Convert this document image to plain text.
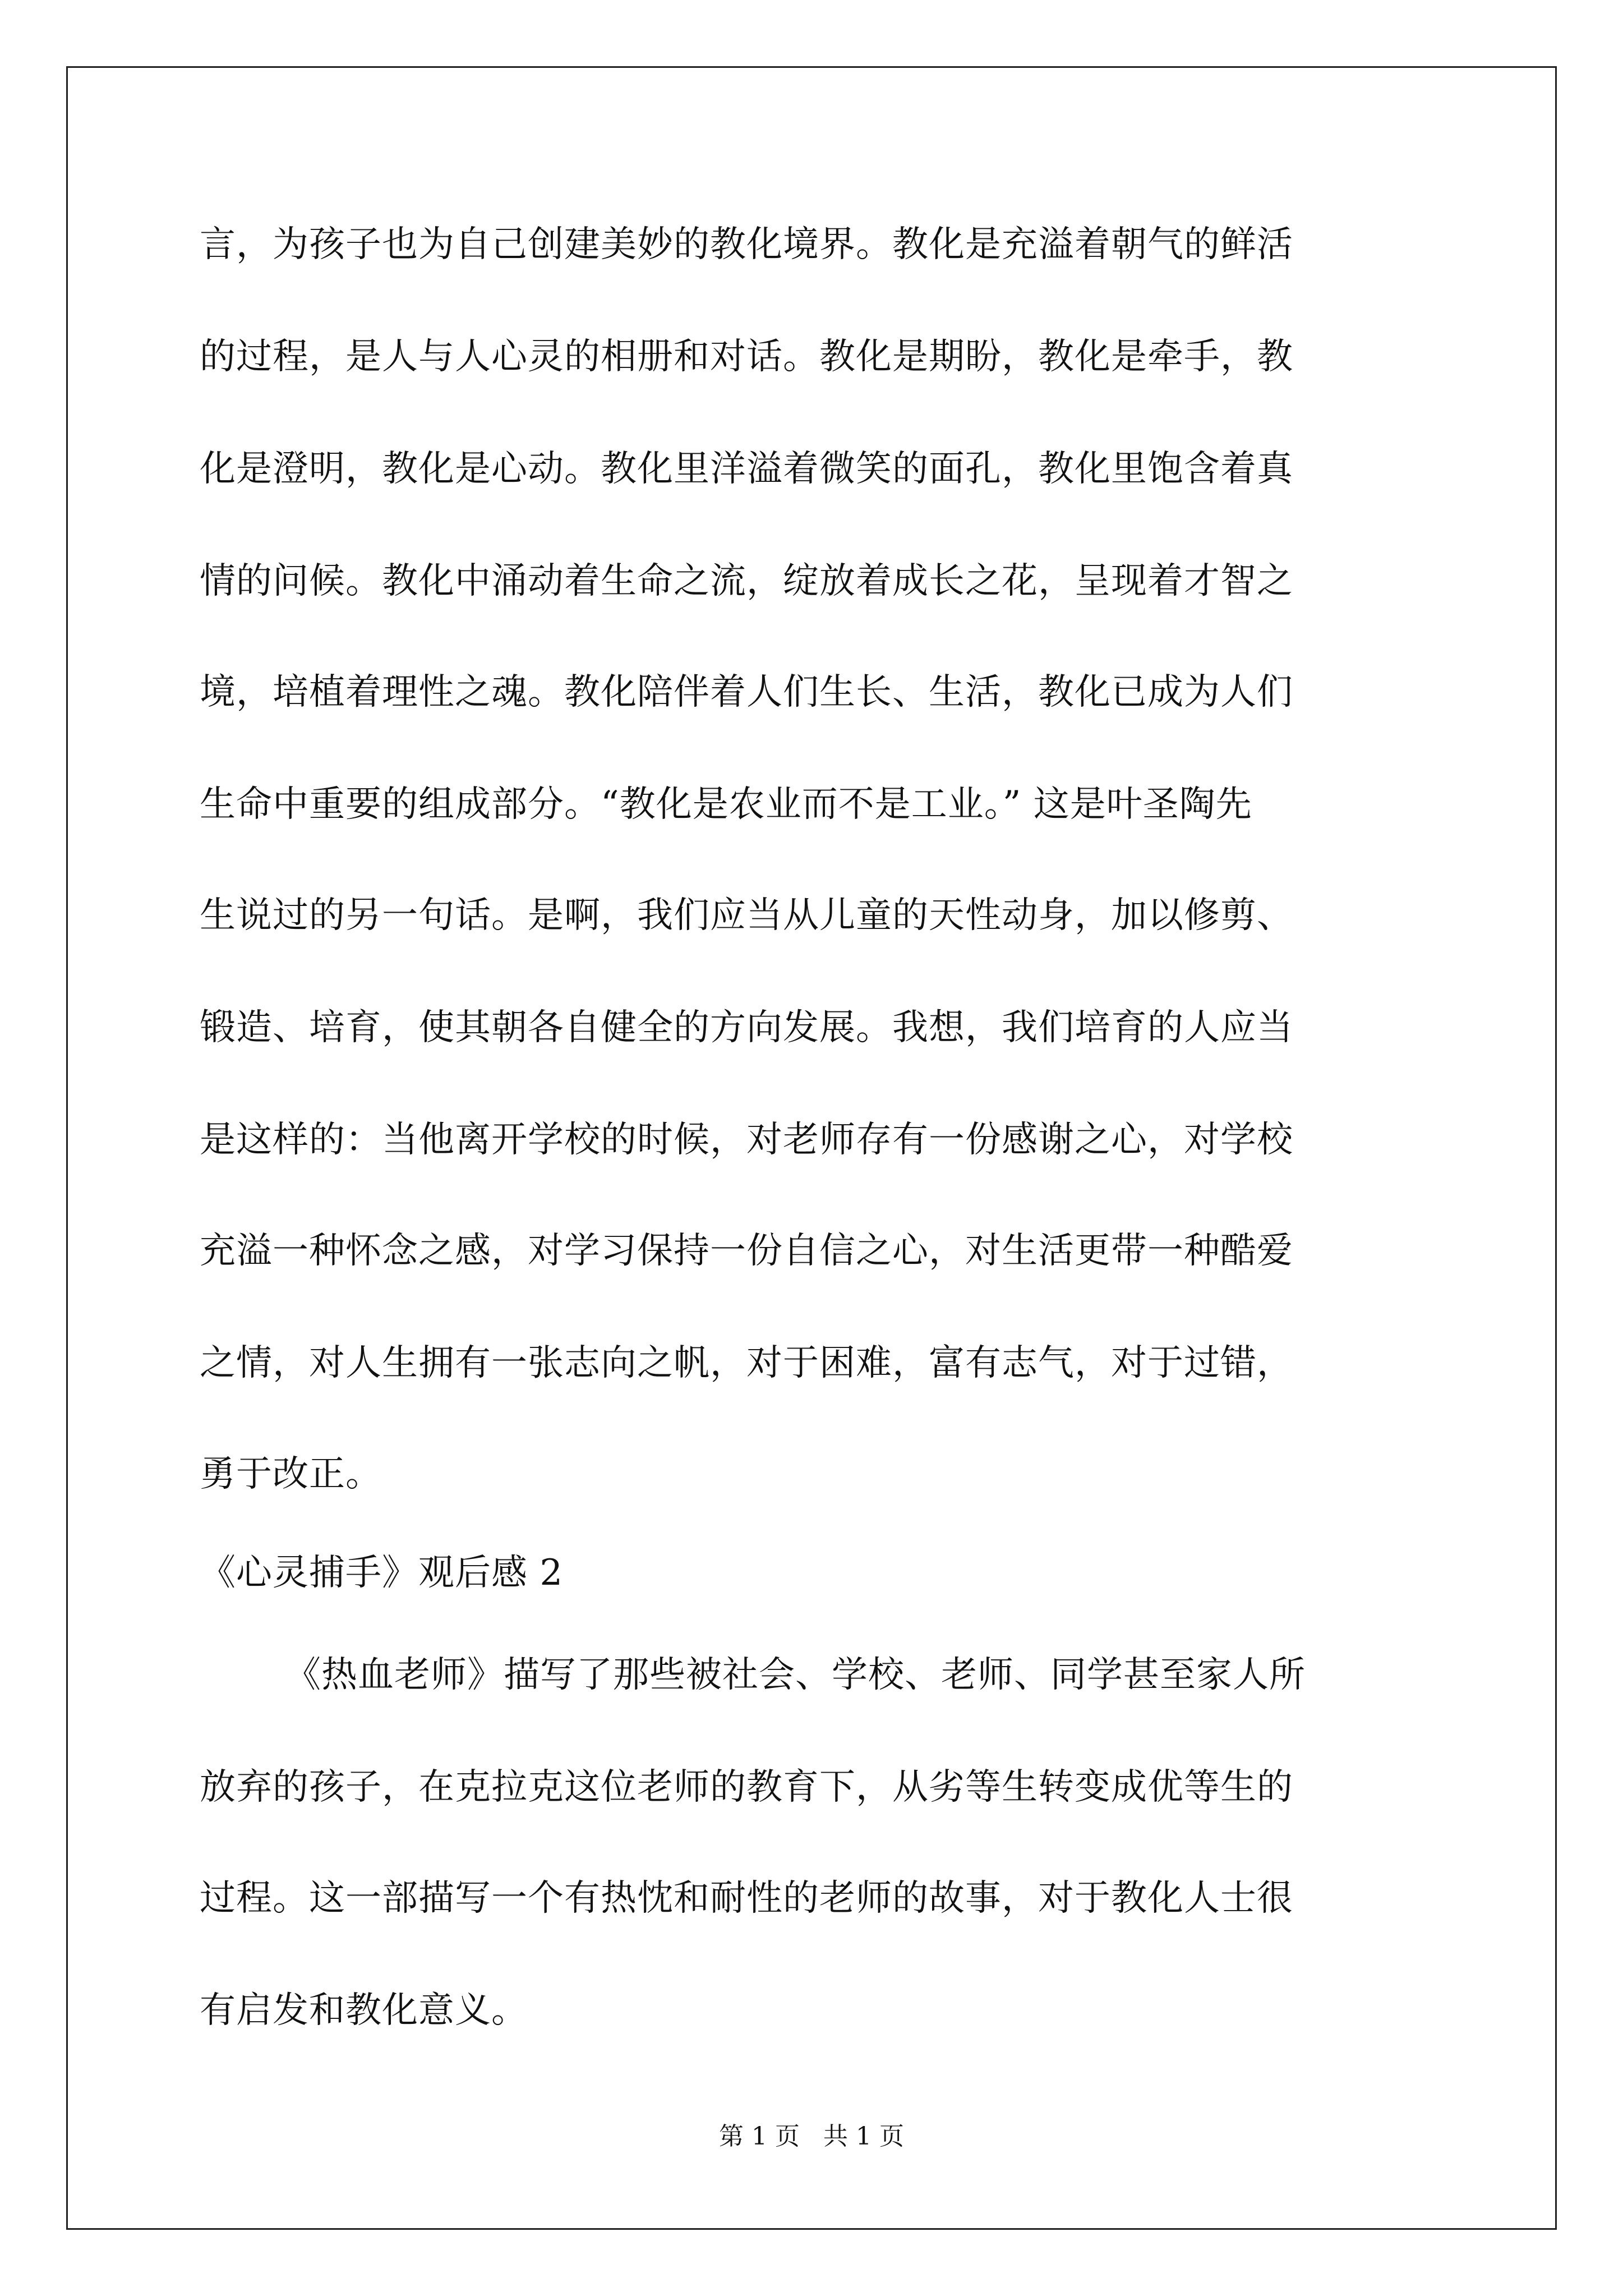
言，为孩子也为自己创建美妙的教化境界。教化是充溢着朝气的鲜活
的过程，是人与人心灵的相册和对话。教化是期盼，教化是牵手，教
化是澄明，教化是心动。教化里洋溢着微笑的面孔，教化里饱含着真
情的问候。教化中涌动着生命之流，绽放着成长之花，呈现着才智之
境，培植着理性之魂。教化陪伴着人们生长、生活，教化已成为人们
生命中重要的组成部分。“教化是农业而不是工业。” 这是叶圣陶先
生说过的另一句话。是啊，我们应当从儿童的天性动身，加以修剪、
锻造、培育，使其朝各自健全的方向发展。我想，我们培育的人应当
是这样的：当他离开学校的时候，对老师存有一份感谢之心，对学校
充溢一种怀念之感，对学习保持一份自信之心，对生活更带一种酷爱
之情，对人生拥有一张志向之帆，对于困难，富有志气，对于过错，
勇于改正。
《心灵捕手》观后感 2
《热血老师》描写了那些被社会、学校、老师、同学甚至家人所
放弃的孩子，在克拉克这位老师的教育下，从劣等生转变成优等生的
过程。这一部描写一个有热忱和耐性的老师的故事，对于教化人士很
有启发和教化意义。
第 1 页   共 1 页
